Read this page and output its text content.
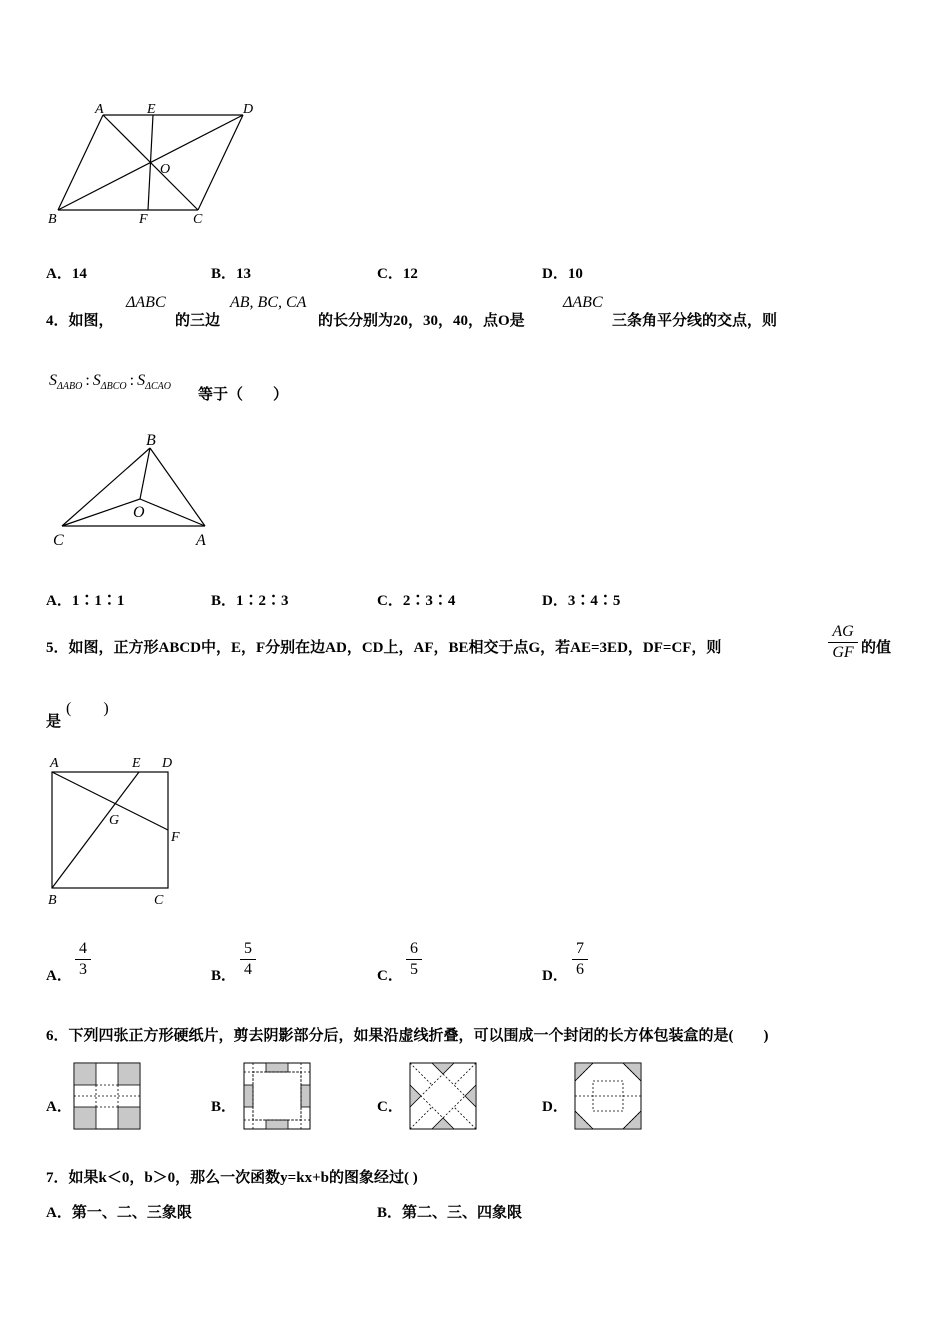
A	E	D
O
B	F	C
A．14	B．13	C．12	D．10
4．如图，
ΔABC
的三边
AB, BC, CA
的长分别为20，30，40，点O是
ΔABC
三条角平分线的交点，则
$S_{\Delta ABO}$ : $S_{\Delta BCO}$ : $S_{\Delta CAO}$
等于（　　）
B
O
C	A
A．1∶1∶1	B．1∶2∶3	C．2∶3∶4	D．3∶4∶5
5．如图，正方形ABCD中，E，F分别在边AD，CD上，AF，BE相交于点G，若AE=3ED，DF=CF，则	$\frac{AG}{GF}$ 的值
是
(　　)
A	E D
G
F
B	C
A． $\frac{4}{3}$	B． $\frac{5}{4}$	C． $\frac{6}{5}$	D． $\frac{7}{6}$
6．下列四张正方形硬纸片，剪去阴影部分后，如果沿虚线折叠，可以围成一个封闭的长方体包装盒的是(　　)
A．	B．	C．	D．
7．如果k＜0，b＞0，那么一次函数y=kx+b的图象经过( )
A．第一、二、三象限	B．第二、三、四象限
